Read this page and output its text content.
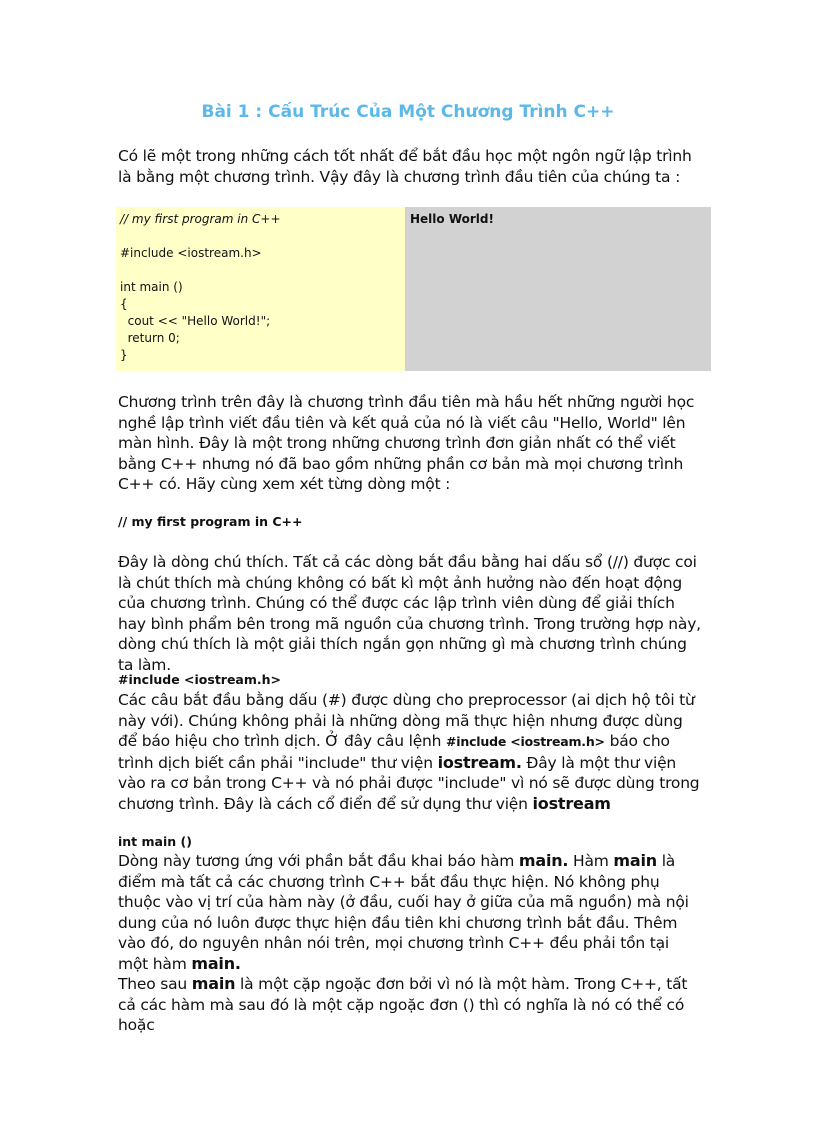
Bài 1 : Cấu Trúc Của Một Chương Trình C++

Có lẽ một trong những cách tốt nhất để bắt đầu học một ngôn ngữ lập trình là bằng một chương trình. Vậy đây là chương trình đầu tiên của chúng ta :

// my first program in C++
#include <iostream.h>
int main ()
{
cout << "Hello World!";
return 0;
}
Hello World!

Chương trình trên đây là chương trình đầu tiên mà hầu hết những người học nghề lập trình viết đầu tiên và kết quả của nó là viết câu "Hello, World" lên màn hình. Đây là một trong những chương trình đơn giản nhất có thể viết bằng C++ nhưng nó đã bao gồm những phần cơ bản mà mọi chương trình C++ có. Hãy cùng xem xét từng dòng một :

// my first program in C++

Đây là dòng chú thích. Tất cả các dòng bắt đầu bằng hai dấu sổ (//) được coi là chút thích mà chúng không có bất kì một ảnh hưởng nào đến hoạt động của chương trình. Chúng có thể được các lập trình viên dùng để giải thích hay bình phẩm bên trong mã nguồn của chương trình. Trong trường hợp này, dòng chú thích là một giải thích ngắn gọn những gì mà chương trình chúng ta làm.

#include <iostream.h>

Các câu bắt đầu bằng dấu (#) được dùng cho preprocessor (ai dịch hộ tôi từ này với). Chúng không phải là những dòng mã thực hiện nhưng được dùng để báo hiệu cho trình dịch. Ở đây câu lệnh #include <iostream.h> báo cho trình dịch biết cần phải "include" thư viện iostream. Đây là một thư viện vào ra cơ bản trong C++ và nó phải được "include" vì nó sẽ được dùng trong chương trình. Đây là cách cổ điển để sử dụng thư viện iostream

int main ()

Dòng này tương ứng với phần bắt đầu khai báo hàm main. Hàm main là điểm mà tất cả các chương trình C++ bắt đầu thực hiện. Nó không phụ thuộc vào vị trí của hàm này (ở đầu, cuối hay ở giữa của mã nguồn) mà nội dung của nó luôn được thực hiện đầu tiên khi chương trình bắt đầu. Thêm vào đó, do nguyên nhân nói trên, mọi chương trình C++ đều phải tồn tại một hàm main.

Theo sau main là một cặp ngoặc đơn bởi vì nó là một hàm. Trong C++, tất cả các hàm mà sau đó là một cặp ngoặc đơn () thì có nghĩa là nó có thể có hoặc
